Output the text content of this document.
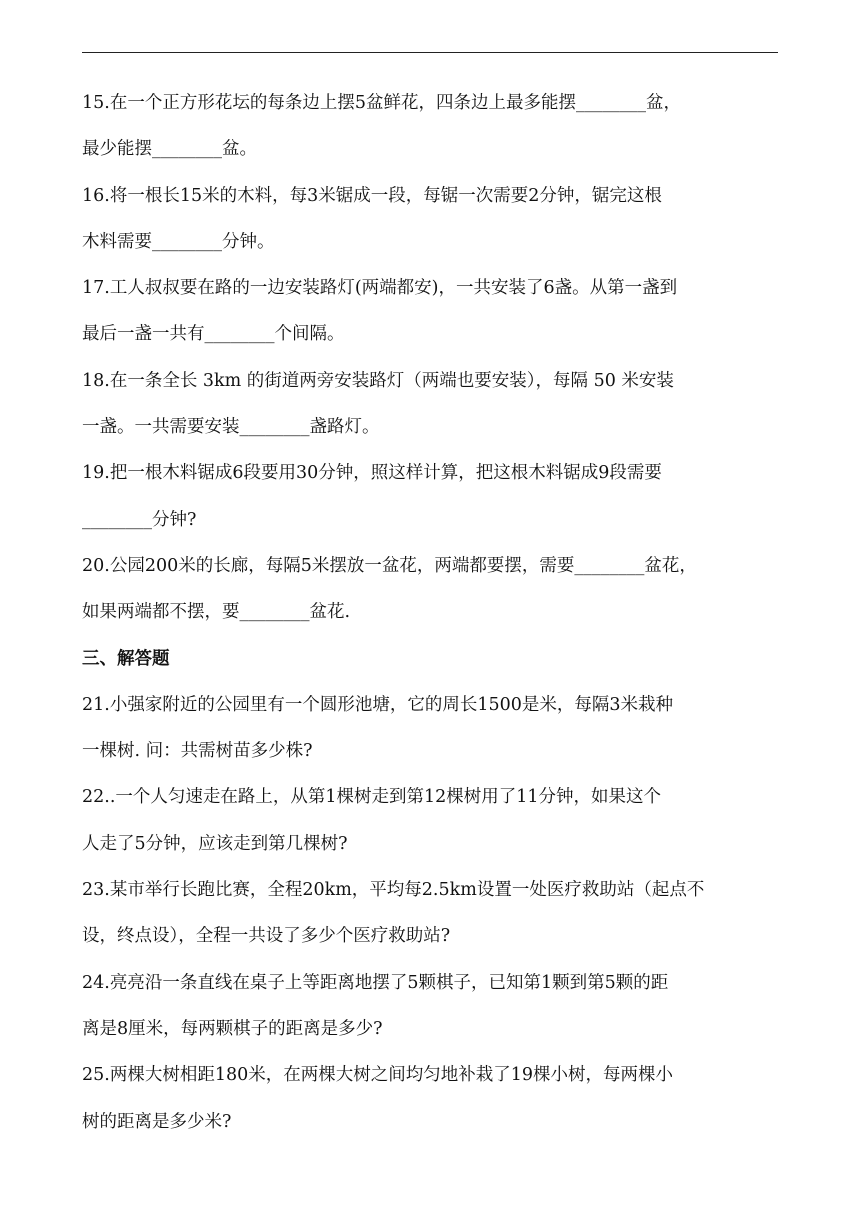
15.在一个正方形花坛的每条边上摆5盆鲜花，四条边上最多能摆________盆，
最少能摆________盆。
16.将一根长15米的木料，每3米锯成一段，每锯一次需要2分钟，锯完这根
木料需要________分钟。
17.工人叔叔要在路的一边安装路灯(两端都安)，一共安装了6盏。从第一盏到
最后一盏一共有________个间隔。
18.在一条全长 3km 的街道两旁安装路灯（两端也要安装），每隔 50 米安装
一盏。一共需要安装________盏路灯。
19.把一根木料锯成6段要用30分钟，照这样计算，把这根木料锯成9段需要
________分钟?
20.公园200米的长廊，每隔5米摆放一盆花，两端都要摆，需要________盆花，
如果两端都不摆，要________盆花.
三、解答题
21.小强家附近的公园里有一个圆形池塘，它的周长1500是米，每隔3米栽种
一棵树. 问：共需树苗多少株?
22..一个人匀速走在路上，从第1棵树走到第12棵树用了11分钟，如果这个
人走了5分钟，应该走到第几棵树?
23.某市举行长跑比赛，全程20km，平均每2.5km设置一处医疗救助站（起点不
设，终点设），全程一共设了多少个医疗救助站?
24.亮亮沿一条直线在桌子上等距离地摆了5颗棋子，已知第1颗到第5颗的距
离是8厘米，每两颗棋子的距离是多少?
25.两棵大树相距180米，在两棵大树之间均匀地补栽了19棵小树，每两棵小
树的距离是多少米?
